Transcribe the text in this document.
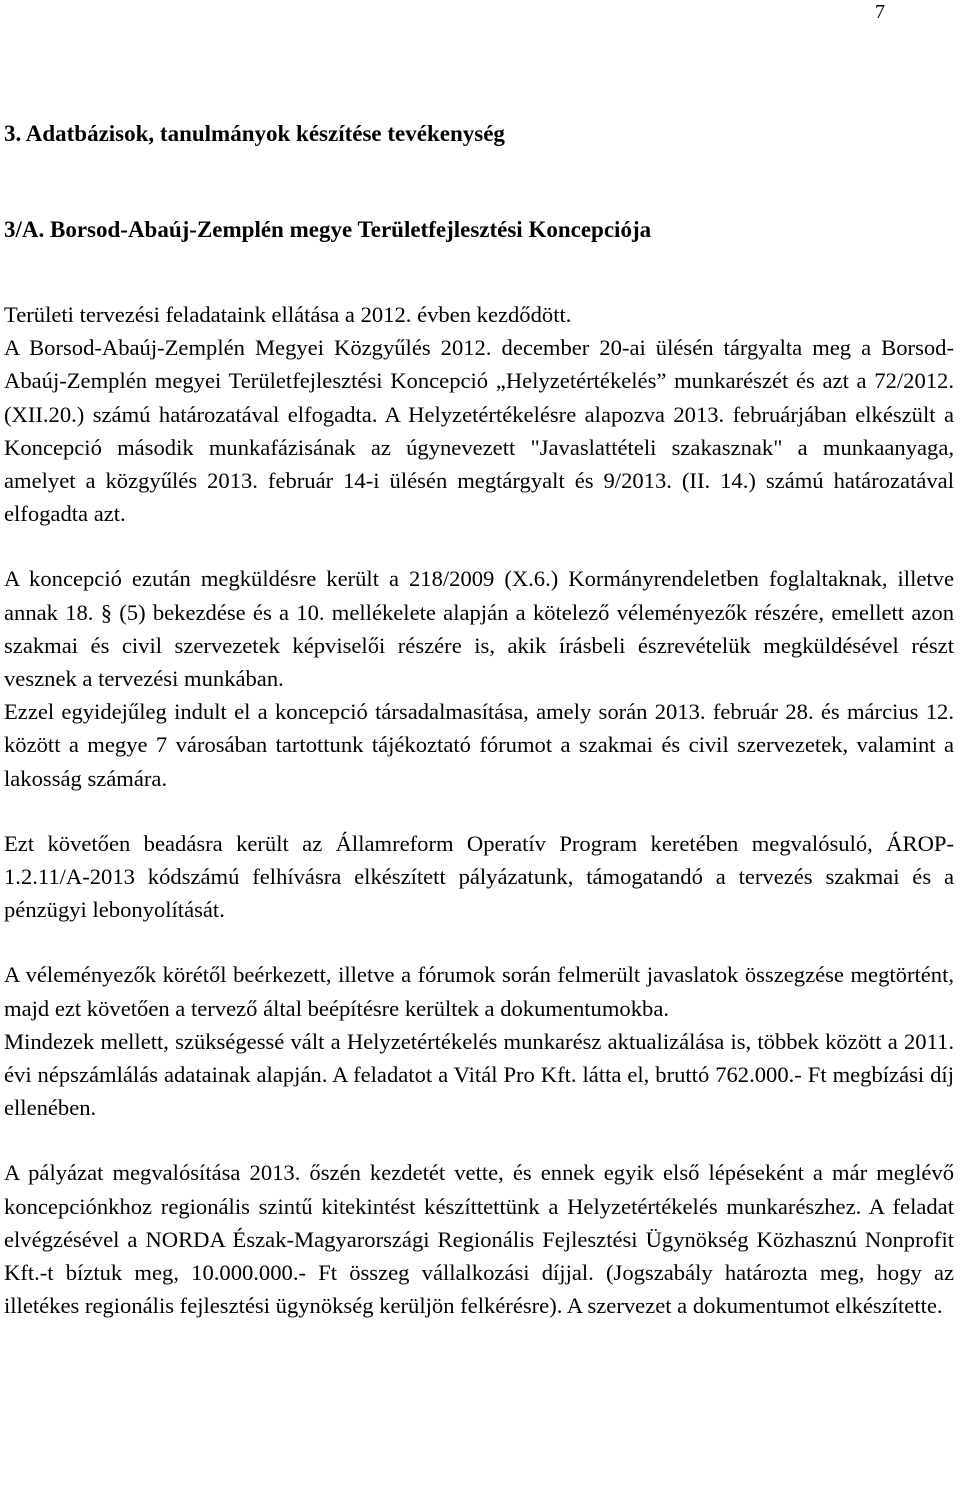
7
3. Adatbázisok, tanulmányok készítése tevékenység
3/A. Borsod-Abaúj-Zemplén megye Területfejlesztési Koncepciója

Területi tervezési feladataink ellátása a 2012. évben kezdődött.

A Borsod-Abaúj-Zemplén Megyei Közgyűlés 2012. december 20-ai ülésén tárgyalta meg a Borsod-Abaúj-Zemplén megyei Területfejlesztési Koncepció „Helyzetértékelés” munkarészét és azt a 72/2012. (XII.20.) számú határozatával elfogadta. A Helyzetértékelésre alapozva 2013. februárjában elkészült a Koncepció második munkafázisának az úgynevezett "Javaslattételi szakasznak" a munkaanyaga, amelyet a közgyűlés 2013. február 14-i ülésén megtárgyalt és 9/2013. (II. 14.) számú határozatával elfogadta azt.

A koncepció ezután megküldésre került a 218/2009 (X.6.) Kormányrendeletben foglaltaknak, illetve annak 18. § (5) bekezdése és a 10. mellékelete alapján a kötelező véleményezők részére, emellett azon szakmai és civil szervezetek képviselői részére is, akik írásbeli észrevételük megküldésével részt vesznek a tervezési munkában.

Ezzel egyidejűleg indult el a koncepció társadalmasítása, amely során 2013. február 28. és március 12. között a megye 7 városában tartottunk tájékoztató fórumot a szakmai és civil szervezetek, valamint a lakosság számára.

Ezt követően beadásra került az Államreform Operatív Program keretében megvalósuló, ÁROP-1.2.11/A-2013 kódszámú felhívásra elkészített pályázatunk, támogatandó a tervezés szakmai és a pénzügyi lebonyolítását.

A véleményezők körétől beérkezett, illetve a fórumok során felmerült javaslatok összegzése megtörtént, majd ezt követően a tervező által beépítésre kerültek a dokumentumokba.

Mindezek mellett, szükségessé vált a Helyzetértékelés munkarész aktualizálása is, többek között a 2011. évi népszámlálás adatainak alapján. A feladatot a Vitál Pro Kft. látta el, bruttó 762.000.- Ft megbízási díj ellenében.

A pályázat megvalósítása 2013. őszén kezdetét vette, és ennek egyik első lépéseként a már meglévő koncepciónkhoz regionális szintű kitekintést készíttettünk a Helyzetértékelés munkarészhez. A feladat elvégzésével a NORDA Észak-Magyarországi Regionális Fejlesztési Ügynökség Közhasznú Nonprofit Kft.-t bíztuk meg, 10.000.000.- Ft összeg vállalkozási díjjal. (Jogszabály határozta meg, hogy az illetékes regionális fejlesztési ügynökség kerüljön felkérésre). A szervezet a dokumentumot elkészítette.
